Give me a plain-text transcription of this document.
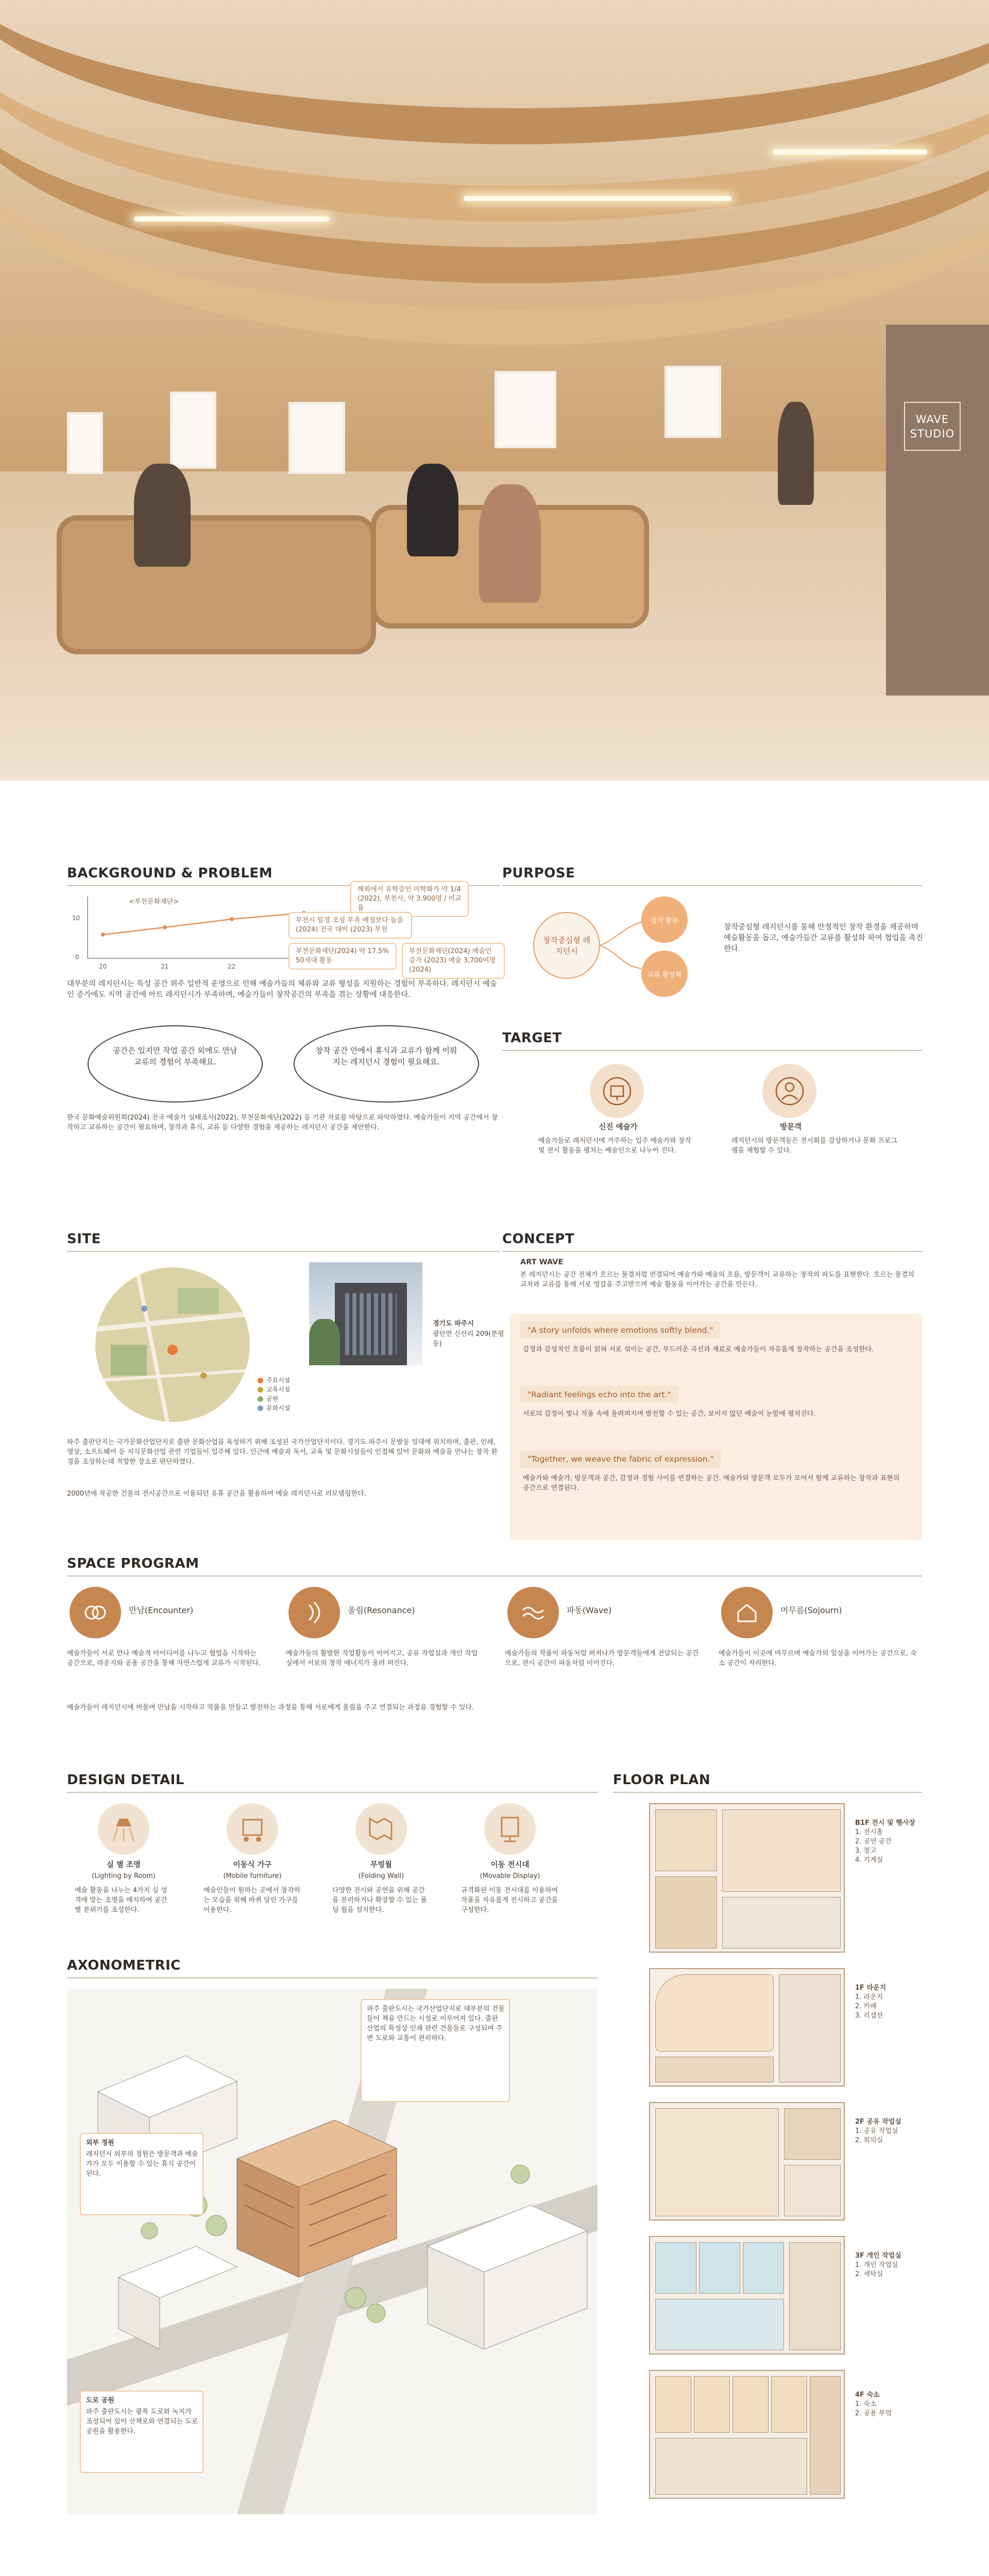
WAVE
STUDIO
BACKGROUND & PROBLEM
<부천문화재단>
10
0
20	21	22
해외에서 유학중인 미학화가 약 1/4 (2022), 부천사, 약 3,900명 / 미교율
부천시 일정 조성 부족 예정보다 높음 (2024) 전국 대비 (2023) 부천
부천문화재단(2024) 약 17.5% 50세대 활동
부천문화재단(2024) 예술인 증가 (2023) 예술 3,700여명 (2024)
대부분의 레지던시는 특성 공간 위주 일반적 운영으로 인해 예술가들의 체류와 교류 형성을 지원하는 경험이 부족하다. 레지던시 예술인 증가에도 지역 공간에 아트 레지던시가 부족하며, 예술가들이 창작공간의 부족을 겪는 상황에 대응한다.
공간은 있지만 작업 공간 외에도 만남 교류의 경험이 부족해요.
창작 공간 안에서 휴식과 교류가 함께 이뤄지는 레지던시 경험이 필요해요.
한국 문화예술위원회(2024) 전국 예술가 실태조사(2022), 부천문화재단(2022) 등 기관 자료를 바탕으로 파악하였다. 예술가들이 지역 공간에서 창작하고 교류하는 공간이 필요하며, 창작과 휴식, 교류 등 다양한 경험을 제공하는 레지던시 공간을 제안한다.
PURPOSE
창작중심형 레지던시
창작 활동
교류 활성화
창작중심형 레지던시를 통해 안정적인 창작 환경을 제공하며 예술활동을 돕고, 예술가들간 교류를 활성화 하여 협업을 촉진한다.
TARGET
신진 예술가
예술가들로 레지던시에 거주하는 입주 예술가와 창작 및 전시 활동을 펼치는 예술인으로 나누어 진다.
방문객
레지던시의 방문객들은 전시회를 감상하거나 문화 프로그램을 체험할 수 있다.
SITE
경기도 파주시
광탄면 신산리 209(분평동)
주요시설
교육시설
공원
문화시설
파주 출판단지는 국가문화산업단지로 출판 문화산업을 육성하기 위해 조성된 국가산업단지이다. 경기도 파주시 문발동 일대에 위치하며, 출판, 인쇄, 영상, 소프트웨어 등 지식문화산업 관련 기업들이 입주해 있다. 인근에 예술과 독서, 교육 및 문화시설들이 인접해 있어 문화와 예술을 만나는 창작 환경을 조성하는데 적합한 장소로 판단하였다.
2000년에 착공한 건물의 전시공간으로 이용되던 유휴 공간을 활용하여 예술 레지던시로 리모델링한다.
CONCEPT
ART WAVE
본 레지던시는 공간 전체가 흐르는 물결처럼 연결되어 예술가와 예술의 흐름, 방문객이 교류하는 창작의 파도를 표현한다. 흐르는 물결의 교차와 교류를 통해 서로 영감을 주고받으며 예술 활동을 이어가는 공간을 만든다.
"A story unfolds where emotions softly blend."
감정과 감성적인 흐름이 얽혀 서로 섞이는 공간, 부드러운 곡선과 재료로 예술가들이 자유롭게 창작하는 공간을 조성한다.
"Radiant feelings echo into the art."
서로의 감정이 빛나 작품 속에 울려퍼지며 발전할 수 있는 공간, 보이지 않던 예술이 눈앞에 펼쳐진다.
"Together, we weave the fabric of expression."
예술가와 예술가, 방문객과 공간, 감정과 경험 사이를 연결하는 공간. 예술가와 방문객 모두가 모여서 함께 교류하는 창작과 표현의 공간으로 연결된다.
SPACE PROGRAM
만남(Encounter)
예술가들이 서로 만나 예술적 아이디어를 나누고 협업을 시작하는 공간으로, 라운지와 공용 공간을 통해 자연스럽게 교류가 시작된다.
울림(Resonance)
예술가들의 활발한 작업활동이 이어지고, 공유 작업실과 개인 작업실에서 서로의 창작 에너지가 울려 퍼진다.
파동(Wave)
예술가들의 작품이 파동처럼 퍼져나가 방문객들에게 전달되는 공간으로, 전시 공간이 파동처럼 이어진다.
머무름(Sojourn)
예술가들이 이곳에 머무르며 예술가의 일상을 이어가는 공간으로, 숙소 공간이 자리한다.
예술가들이 레지던시에 머물며 만남을 시작하고 작품을 만들고 발전하는 과정을 통해 서로에게 울림을 주고 연결되는 과정을 경험할 수 있다.
DESIGN DETAIL
실 별 조명
(Lighting by Room)
예술 활동을 나누는 4가지 실 성격에 맞는 조명을 배치하여 공간별 분위기를 조성한다.
이동식 가구
(Mobile furniture)
예술인들이 원하는 곳에서 창작하는 모습을 위해 바퀴 달린 가구를 이용한다.
무빙월
(Folding Wall)
다양한 전시와 공연을 위해 공간을 분리하거나 확장할 수 있는 폴딩 월을 설치한다.
이동 전시대
(Movable Display)
규격화된 이동 전시대를 이용하여 작품을 자유롭게 전시하고 공간을 구성한다.
FLOOR PLAN
B1F 전시 및 행사장
1. 전시홀
2. 공연 공간
3. 창고
4. 기계실
1F 라운지
1. 라운지
2. 카페
3. 리셉션
2F 공유 작업실
1. 공유 작업실
2. 회의실
3F 개인 작업실
1. 개인 작업실
2. 세탁실
4F 숙소
1. 숙소
2. 공용 부엌
AXONOMETRIC
파주 출판도시는 국가산업단지로 대부분의 건물들이 책을 만드는 시설로 이루어져 있다. 출판 산업의 특성상 인쇄 관련 건물들로 구성되며 주변 도로와 교통이 편리하다.
외부 정원
레지던시 외부의 정원은 방문객과 예술가가 모두 이용할 수 있는 휴식 공간이 된다.
도로 공원
파주 출판도시는 광폭 도로와 녹지가 조성되어 있어 산책로와 연결되는 도로 공원을 활용한다.
